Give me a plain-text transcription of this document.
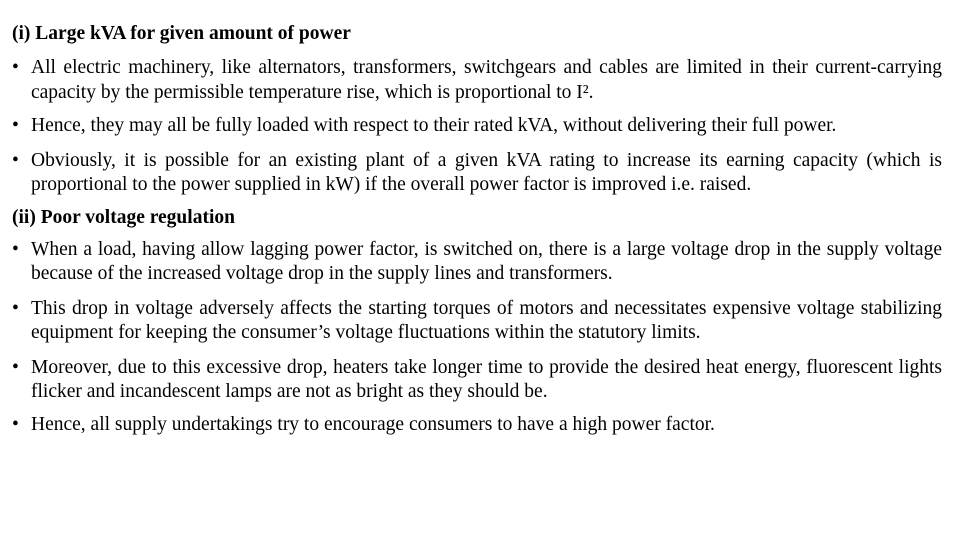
(i) Large kVA for given amount of power

• All electric machinery, like alternators, transformers, switchgears and cables are limited in their current-carrying capacity by the permissible temperature rise, which is proportional to I².
• Hence, they may all be fully loaded with respect to their rated kVA, without delivering their full power.
• Obviously, it is possible for an existing plant of a given kVA rating to increase its earning capacity (which is proportional to the power supplied in kW) if the overall power factor is improved i.e. raised.

(ii) Poor voltage regulation

• When a load, having allow lagging power factor, is switched on, there is a large voltage drop in the supply voltage because of the increased voltage drop in the supply lines and transformers.
• This drop in voltage adversely affects the starting torques of motors and necessitates expensive voltage stabilizing equipment for keeping the consumer’s voltage fluctuations within the statutory limits.
• Moreover, due to this excessive drop, heaters take longer time to provide the desired heat energy, fluorescent lights flicker and incandescent lamps are not as bright as they should be.
• Hence, all supply undertakings try to encourage consumers to have a high power factor.
